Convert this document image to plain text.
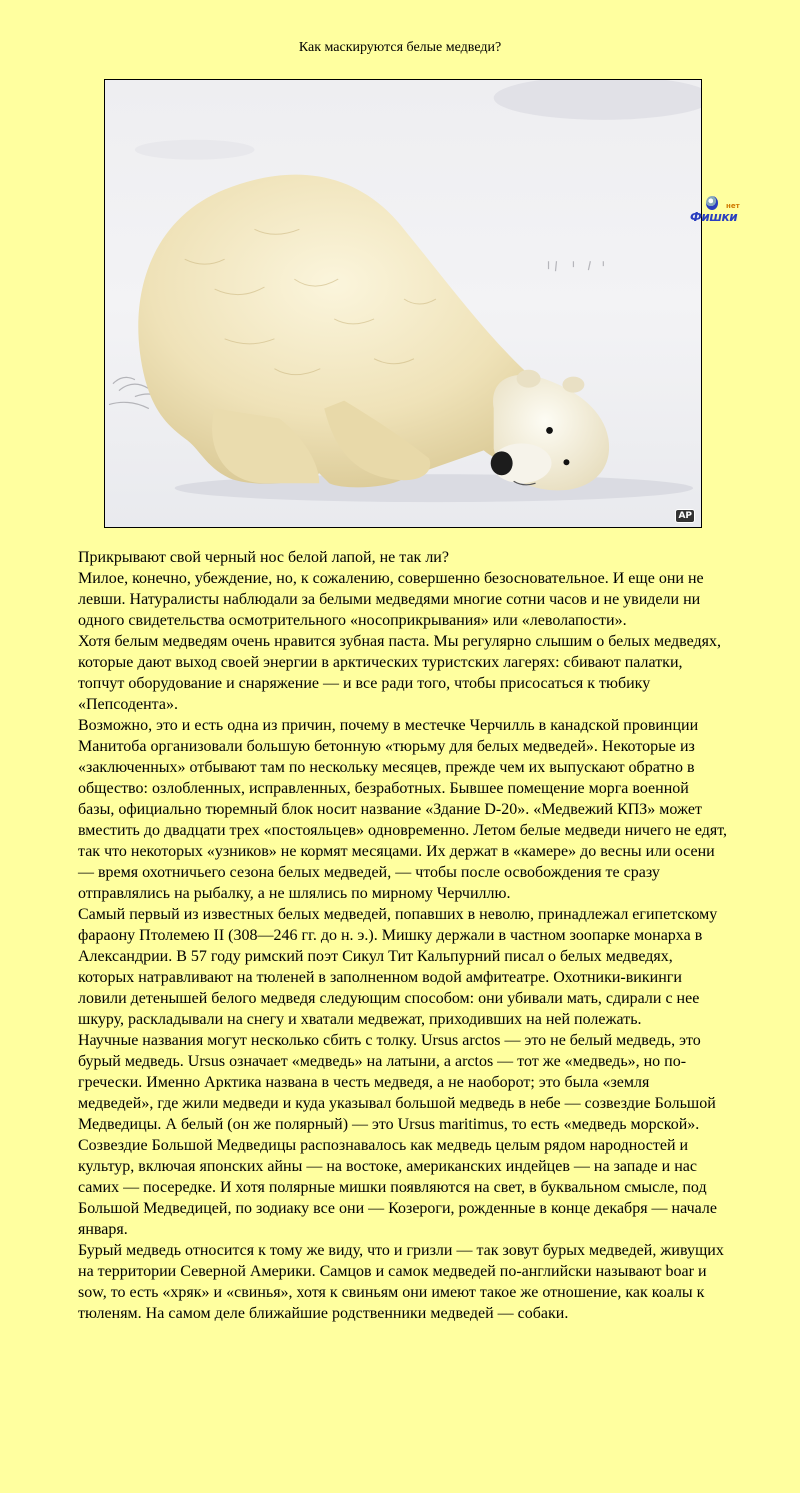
Как маскируются белые медведи?
AP
нет
Фишки

Прикрывают свой черный нос белой лапой, не так ли?

Милое, конечно, убеждение, но, к сожалению, совершенно безосновательное. И еще они не левши. Натуралисты наблюдали за белыми медведями многие сотни часов и не увидели ни одного свидетельства осмотрительного «носоприкрывания» или «леволапости».

Хотя белым медведям очень нравится зубная паста. Мы регулярно слышим о белых медведях, которые дают выход своей энергии в арктических туристских лагерях: сбивают палатки, топчут оборудование и снаряжение — и все ради того, чтобы присосаться к тюбику «Пепсодента».

Возможно, это и есть одна из причин, почему в местечке Черчилль в канадской провинции Манитоба организовали большую бетонную «тюрьму для белых медведей». Некоторые из «заключенных» отбывают там по нескольку месяцев, прежде чем их выпускают обратно в общество: озлобленных, исправленных, безработных. Бывшее помещение морга военной базы, официально тюремный блок носит название «Здание D-20». «Медвежий КПЗ» может вместить до двадцати трех «постояльцев» одновременно. Летом белые медведи ничего не едят, так что некоторых «узников» не кормят месяцами. Их держат в «камере» до весны или осени — время охотничьего сезона белых медведей, — чтобы после освобождения те сразу отправлялись на рыбалку, а не шлялись по мирному Черчиллю.

Самый первый из известных белых медведей, попавших в неволю, принадлежал египетскому фараону Птолемею II (308—246 гг. до н. э.). Мишку держали в частном зоопарке монарха в Александрии. В 57 году римский поэт Сикул Тит Кальпурний писал о белых медведях, которых натравливают на тюленей в заполненном водой амфитеатре. Охотники-викинги ловили детенышей белого медведя следующим способом: они убивали мать, сдирали с нее шкуру, раскладывали на снегу и хватали медвежат, приходивших на ней полежать.

Научные названия могут несколько сбить с толку. Ursus arctos — это не белый медведь, это бурый медведь. Ursus означает «медведь» на латыни, а arctos — тот же «медведь», но по-гречески. Именно Арктика названа в честь медведя, а не наоборот; это была «земля медведей», где жили медведи и куда указывал большой медведь в небе — созвездие Большой Медведицы. А белый (он же полярный) — это Ursus maritimus, то есть «медведь морской».

Созвездие Большой Медведицы распознавалось как медведь целым рядом народностей и культур, включая японских айны — на востоке, американских индейцев — на западе и нас самих — посередке. И хотя полярные мишки появляются на свет, в буквальном смысле, под Большой Медведицей, по зодиаку все они — Козероги, рожденные в конце декабря — начале января.

Бурый медведь относится к тому же виду, что и гризли — так зовут бурых медведей, живущих на территории Северной Америки. Самцов и самок медведей по-английски называют boar и sow, то есть «хряк» и «свинья», хотя к свиньям они имеют такое же отношение, как коалы к тюленям. На самом деле ближайшие родственники медведей — собаки.
